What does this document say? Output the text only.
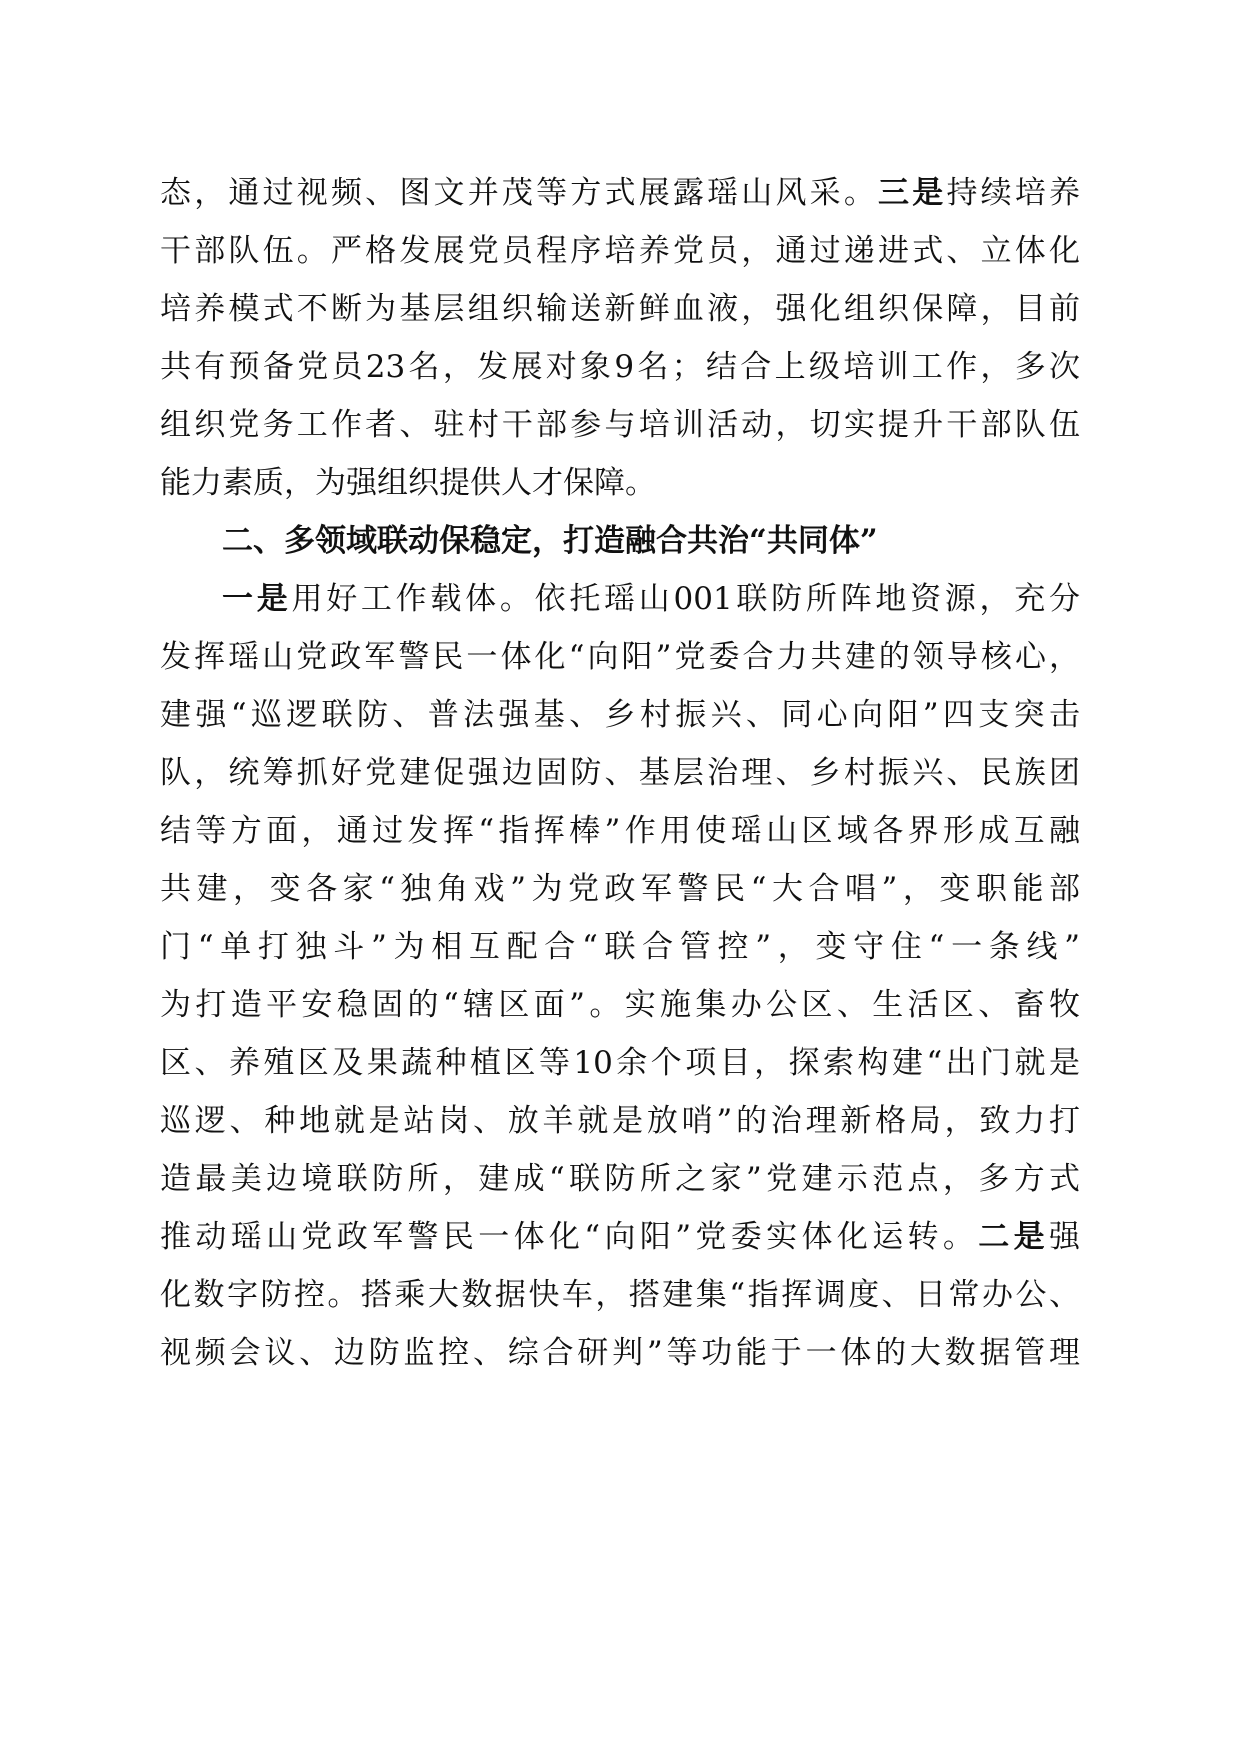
态，通过视频、图文并茂等方式展露瑶山风采。三是持续培养
干部队伍。严格发展党员程序培养党员，通过递进式、立体化
培养模式不断为基层组织输送新鲜血液，强化组织保障，目前
共有预备党员23名，发展对象9名；结合上级培训工作，多次
组织党务工作者、驻村干部参与培训活动，切实提升干部队伍
能力素质，为强组织提供人才保障。
二、多领域联动保稳定，打造融合共治“共同体”
一是用好工作载体。依托瑶山001联防所阵地资源，充分
发挥瑶山党政军警民一体化“向阳”党委合力共建的领导核心，
建强“巡逻联防、普法强基、乡村振兴、同心向阳”四支突击
队，统筹抓好党建促强边固防、基层治理、乡村振兴、民族团
结等方面，通过发挥“指挥棒”作用使瑶山区域各界形成互融
共建，变各家“独角戏”为党政军警民“大合唱”，变职能部
门“单打独斗”为相互配合“联合管控”，变守住“一条线”
为打造平安稳固的“辖区面”。实施集办公区、生活区、畜牧
区、养殖区及果蔬种植区等10余个项目，探索构建“出门就是
巡逻、种地就是站岗、放羊就是放哨”的治理新格局，致力打
造最美边境联防所，建成“联防所之家”党建示范点，多方式
推动瑶山党政军警民一体化“向阳”党委实体化运转。二是强
化数字防控。搭乘大数据快车，搭建集“指挥调度、日常办公、
视频会议、边防监控、综合研判”等功能于一体的大数据管理
